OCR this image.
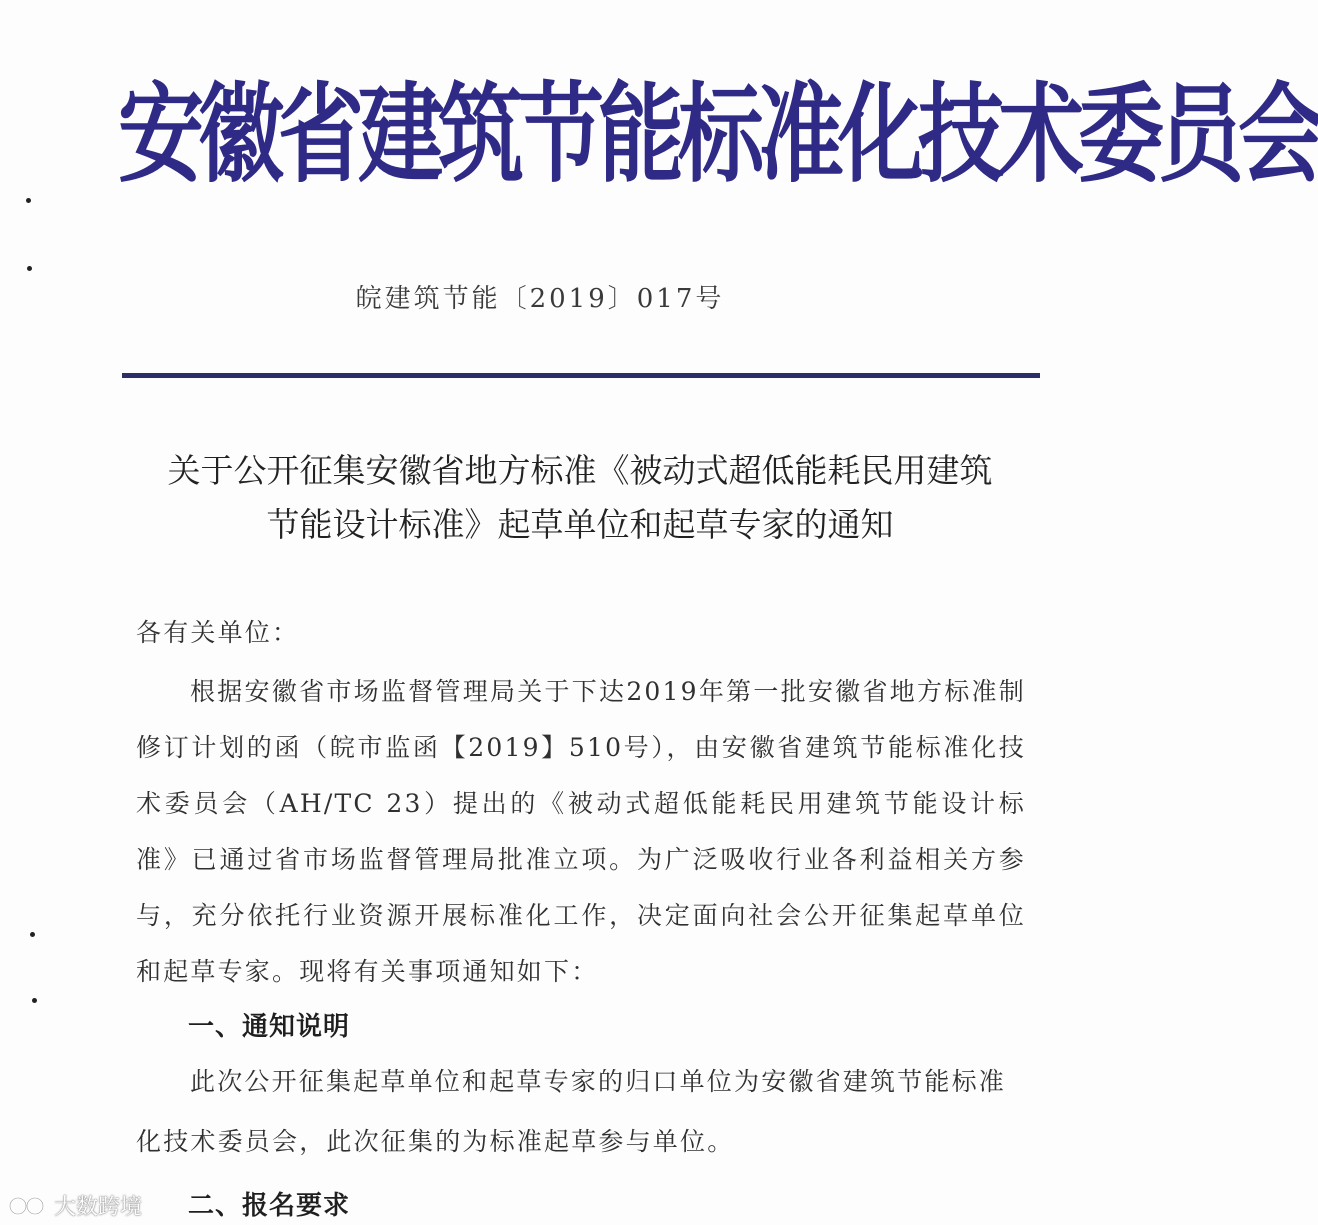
安徽省建筑节能标准化技术委员会
皖建筑节能〔2019〕017号
关于公开征集安徽省地方标准《被动式超低能耗民用建筑
节能设计标准》起草单位和起草专家的通知
各有关单位：
根据安徽省市场监督管理局关于下达2019年第一批安徽省地方标准制修订计划的函（皖市监函【2019】510号），由安徽省建筑节能标准化技术委员会（AH/TC 23）提出的《被动式超低能耗民用建筑节能设计标准》已通过省市场监督管理局批准立项。为广泛吸收行业各利益相关方参与，充分依托行业资源开展标准化工作，决定面向社会公开征集起草单位和起草专家。现将有关事项通知如下：
一、通知说明
此次公开征集起草单位和起草专家的归口单位为安徽省建筑节能标准化技术委员会，此次征集的为标准起草参与单位。
二、报名要求
大数跨境
